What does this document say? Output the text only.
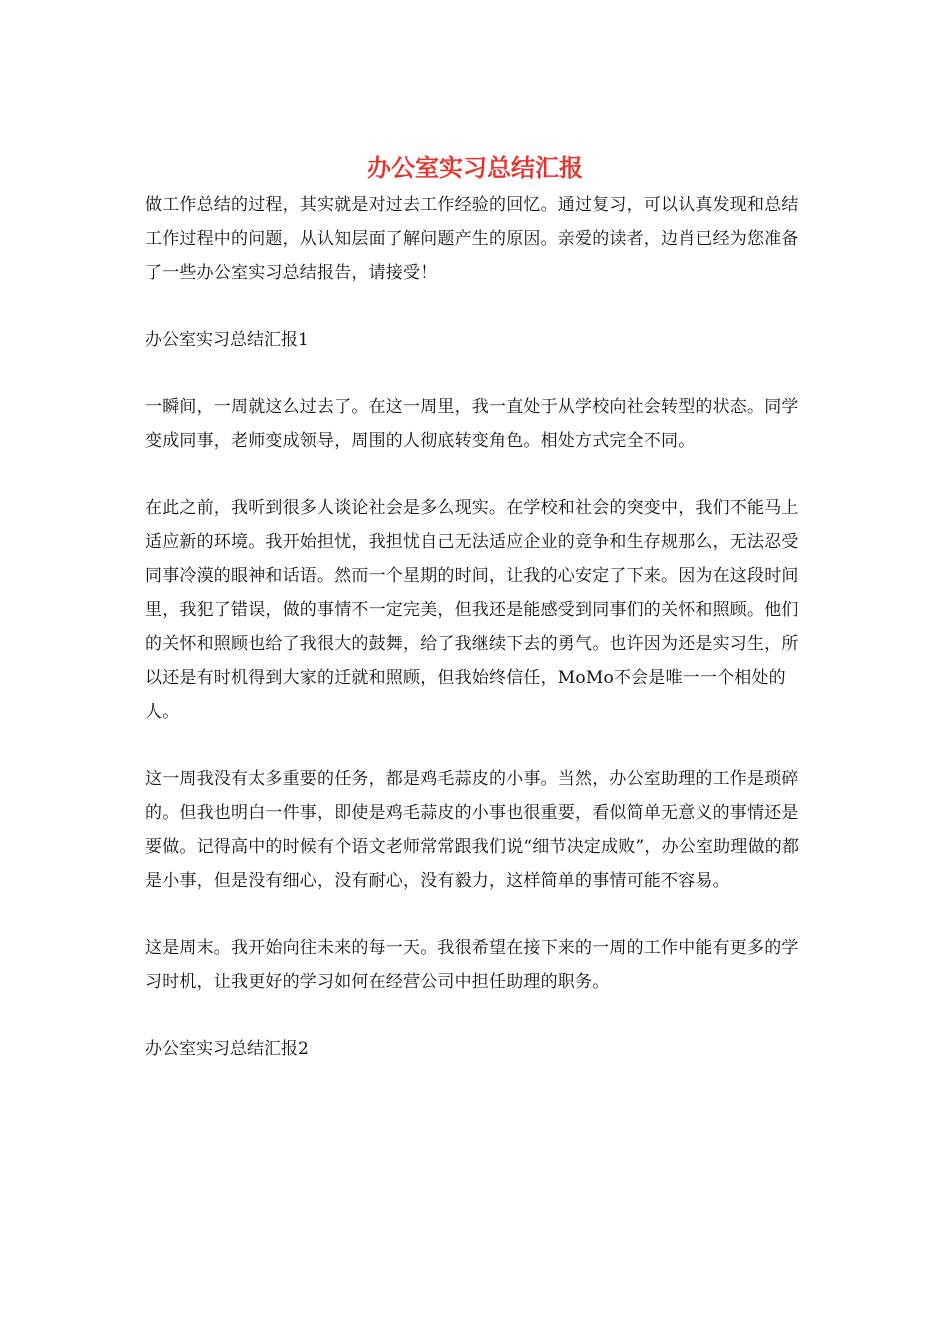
办公室实习总结汇报

做工作总结的过程，其实就是对过去工作经验的回忆。通过复习，可以认真发现和总结工作过程中的问题，从认知层面了解问题产生的原因。亲爱的读者，边肖已经为您准备了一些办公室实习总结报告，请接受！

办公室实习总结汇报1

一瞬间，一周就这么过去了。在这一周里，我一直处于从学校向社会转型的状态。同学变成同事，老师变成领导，周围的人彻底转变角色。相处方式完全不同。

在此之前，我听到很多人谈论社会是多么现实。在学校和社会的突变中，我们不能马上适应新的环境。我开始担忧，我担忧自己无法适应企业的竞争和生存规那么，无法忍受同事冷漠的眼神和话语。然而一个星期的时间，让我的心安定了下来。因为在这段时间里，我犯了错误，做的事情不一定完美，但我还是能感受到同事们的关怀和照顾。他们的关怀和照顾也给了我很大的鼓舞，给了我继续下去的勇气。也许因为还是实习生，所以还是有时机得到大家的迁就和照顾，但我始终信任，MoMo不会是唯一一个相处的人。

这一周我没有太多重要的任务，都是鸡毛蒜皮的小事。当然，办公室助理的工作是琐碎的。但我也明白一件事，即使是鸡毛蒜皮的小事也很重要，看似简单无意义的事情还是要做。记得高中的时候有个语文老师常常跟我们说“细节决定成败”，办公室助理做的都是小事，但是没有细心，没有耐心，没有毅力，这样简单的事情可能不容易。

这是周末。我开始向往未来的每一天。我很希望在接下来的一周的工作中能有更多的学习时机，让我更好的学习如何在经营公司中担任助理的职务。

办公室实习总结汇报2
